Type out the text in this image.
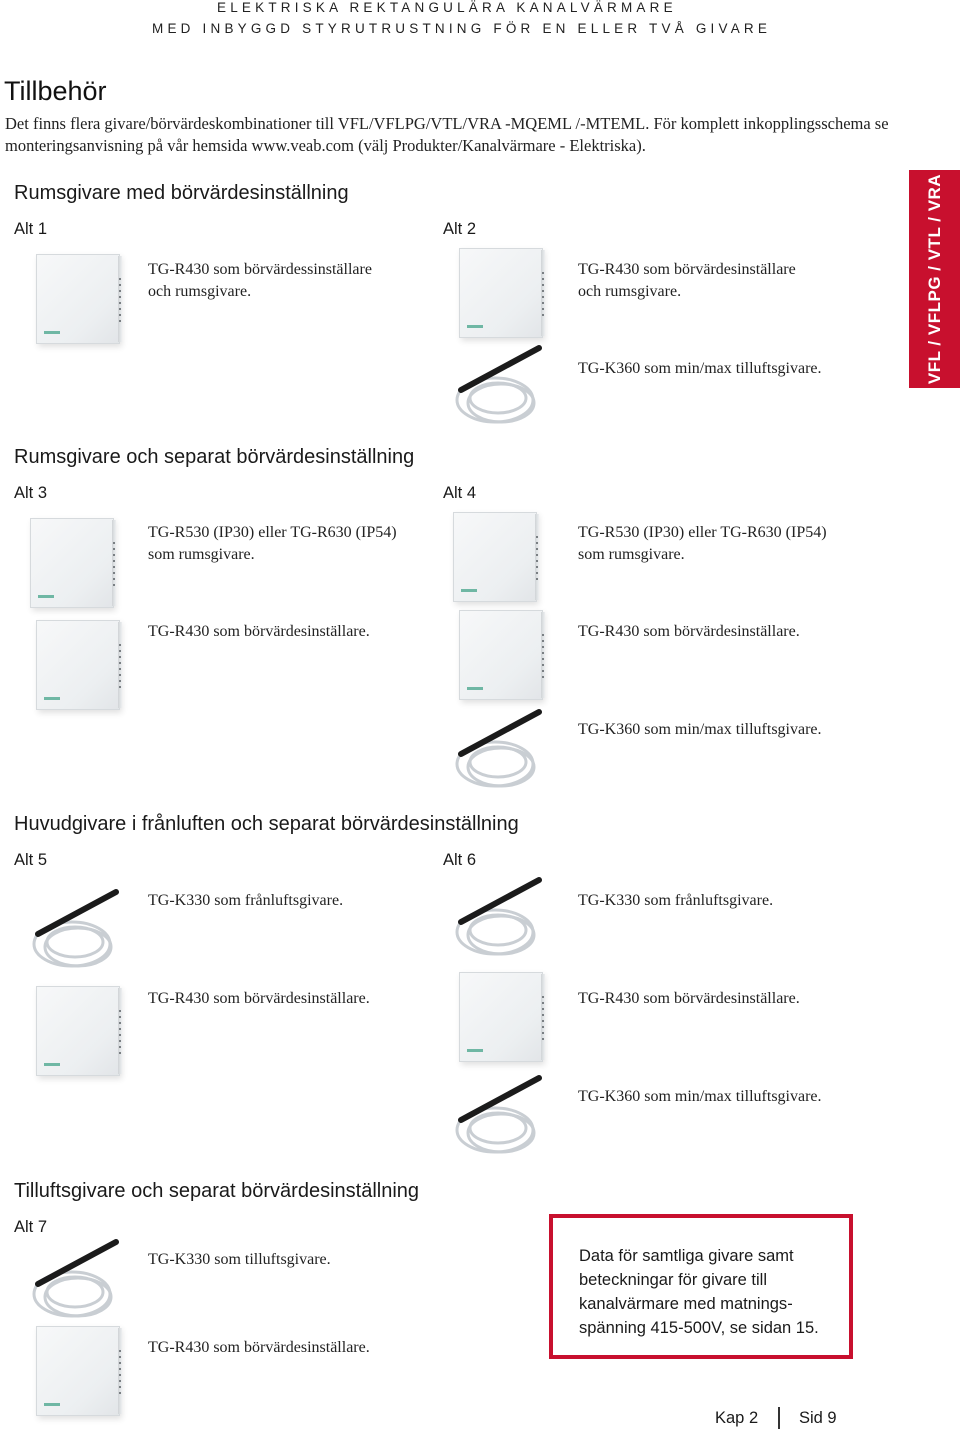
ELEKTRISKA REKTANGULÄRA KANALVÄRMARE
MED INBYGGD STYRUTRUSTNING FÖR EN ELLER TVÅ GIVARE
Tillbehör
Det finns flera givare/börvärdeskombinationer till VFL/VFLPG/VTL/VRA -MQEML /-MTEML. För komplett inkopplingsschema se monteringsanvisning på vår hemsida www.veab.com (välj Produkter/Kanalvärmare - Elektriska).
VFL / VFLPG / VTL / VRA
Rumsgivare med börvärdesinställning
Alt 1	Alt 2
TG-R430 som börvärdessinställare
och rumsgivare.
TG-R430 som börvärdesinställare
och rumsgivare.
TG-K360 som min/max tilluftsgivare.
Rumsgivare och separat börvärdesinställning
Alt 3	Alt 4
TG-R530 (IP30) eller TG-R630 (IP54)
som rumsgivare.
TG-R430 som börvärdesinställare.
TG-R530 (IP30) eller TG-R630 (IP54)
som rumsgivare.
TG-R430 som börvärdesinställare.
TG-K360 som min/max tilluftsgivare.
Huvudgivare i frånluften och separat börvärdesinställning
Alt 5	Alt 6
TG-K330 som frånluftsgivare.
TG-R430 som börvärdesinställare.
TG-K330 som frånluftsgivare.
TG-R430 som börvärdesinställare.
TG-K360 som min/max tilluftsgivare.
Tilluftsgivare och separat börvärdesinställning
Alt 7
TG-K330 som tilluftsgivare.
TG-R430 som börvärdesinställare.

Data för samtliga givare samt beteckningar för givare till kanalvärmare med matningsspänning 415-500V, se sidan 15.

Kap 2 Sid 9
